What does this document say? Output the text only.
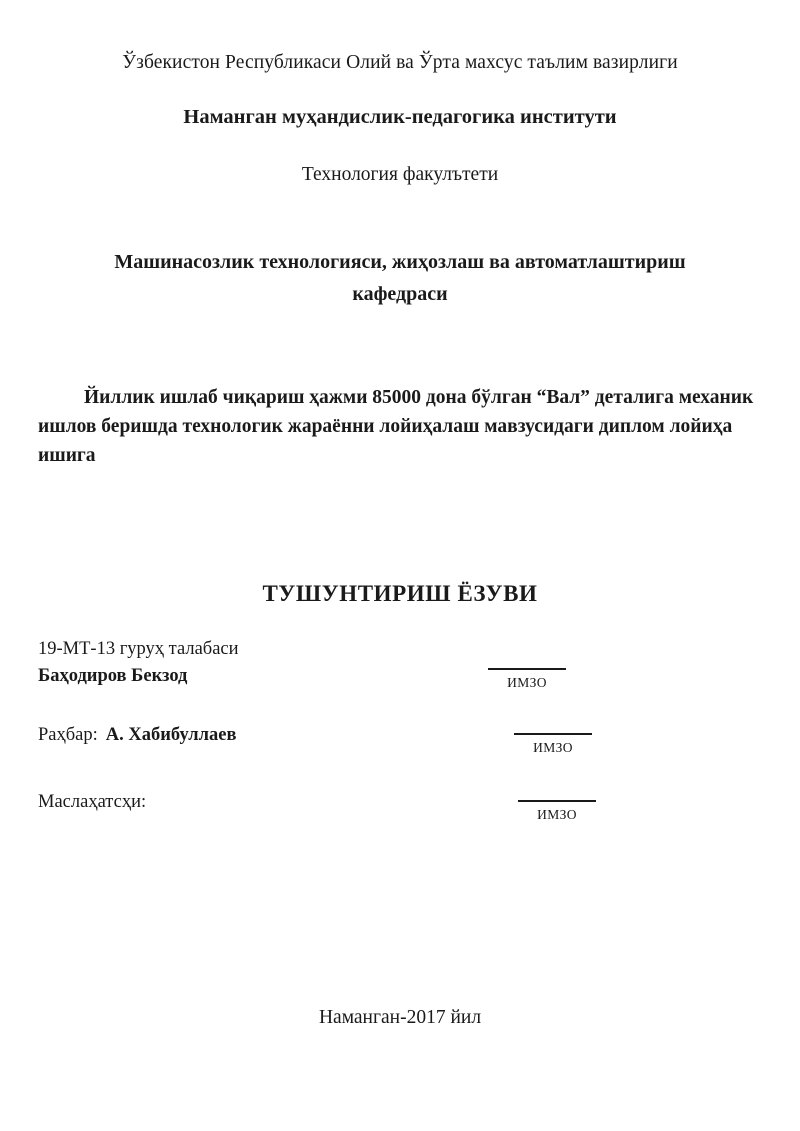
Ўзбекистон Республикаси Олий ва Ўрта махсус таълим вазирлиги
Наманган муҳандислик-педагогика институти
Технология факулътети
Машинасозлик технологияси, жиҳозлаш ва автоматлаштириш кафедраси
Йиллик ишлаб чиқариш ҳажми 85000 дона бўлган “Вал” деталига механик ишлов беришда технологик жараённи лойиҳалаш мавзусидаги диплом лойиҳа ишига
ТУШУНТИРИШ ЁЗУВИ
19-МТ-13 гуруҳ талабаси
Баҳодиров Бекзод
Раҳбар: А. Хабибуллаев
Маслаҳатсҳи:
ИМЗО
ИМЗО
ИМЗО
Наманган-2017 йил
